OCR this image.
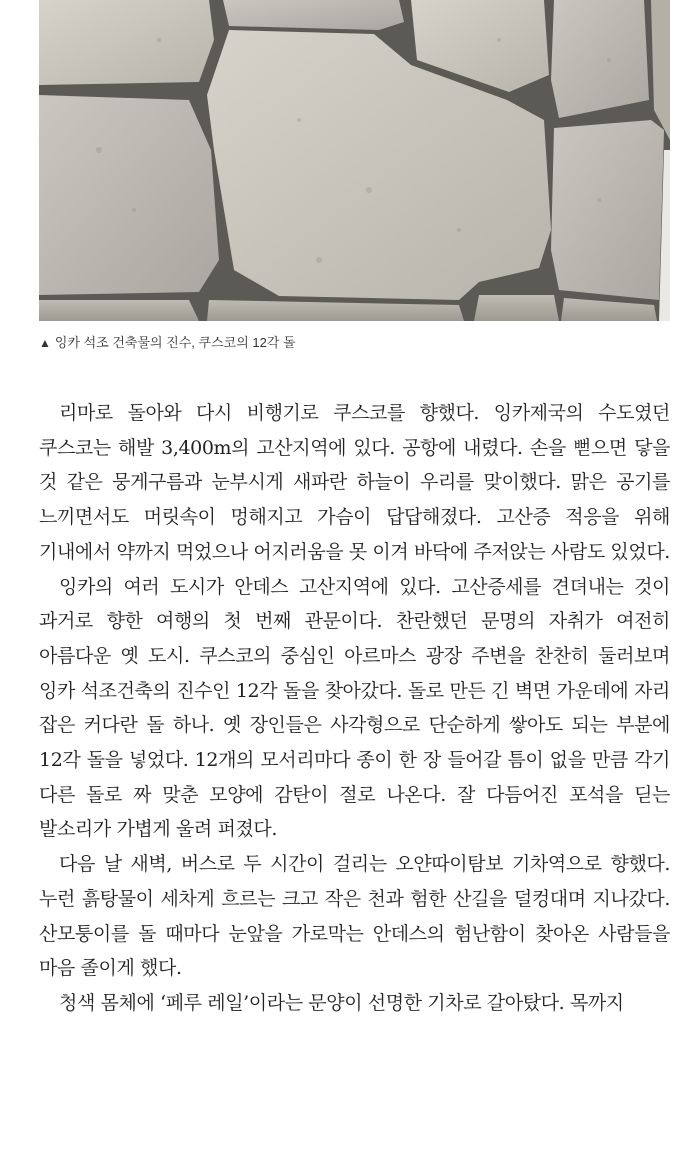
▲ 잉카 석조 건축물의 진수, 쿠스코의 12각 돌

리마로 돌아와 다시 비행기로 쿠스코를 향했다. 잉카제국의 수도였던 쿠스코는 해발 3,400m의 고산지역에 있다. 공항에 내렸다. 손을 뻗으면 닿을 것 같은 뭉게구름과 눈부시게 새파란 하늘이 우리를 맞이했다. 맑은 공기를 느끼면서도 머릿속이 멍해지고 가슴이 답답해졌다. 고산증 적응을 위해 기내에서 약까지 먹었으나 어지러움을 못 이겨 바닥에 주저앉는 사람도 있었다.

잉카의 여러 도시가 안데스 고산지역에 있다. 고산증세를 견뎌내는 것이 과거로 향한 여행의 첫 번째 관문이다. 찬란했던 문명의 자취가 여전히 아름다운 옛 도시. 쿠스코의 중심인 아르마스 광장 주변을 찬찬히 둘러보며 잉카 석조건축의 진수인 12각 돌을 찾아갔다. 돌로 만든 긴 벽면 가운데에 자리 잡은 커다란 돌 하나. 옛 장인들은 사각형으로 단순하게 쌓아도 되는 부분에 12각 돌을 넣었다. 12개의 모서리마다 종이 한 장 들어갈 틈이 없을 만큼 각기 다른 돌로 짜 맞춘 모양에 감탄이 절로 나온다. 잘 다듬어진 포석을 딛는 발소리가 가볍게 울려 퍼졌다.

다음 날 새벽, 버스로 두 시간이 걸리는 오얀따이탐보 기차역으로 향했다. 누런 흙탕물이 세차게 흐르는 크고 작은 천과 험한 산길을 덜컹대며 지나갔다. 산모퉁이를 돌 때마다 눈앞을 가로막는 안데스의 험난함이 찾아온 사람들을 마음 졸이게 했다.

청색 몸체에 ‘페루 레일’이라는 문양이 선명한 기차로 갈아탔다. 목까지
